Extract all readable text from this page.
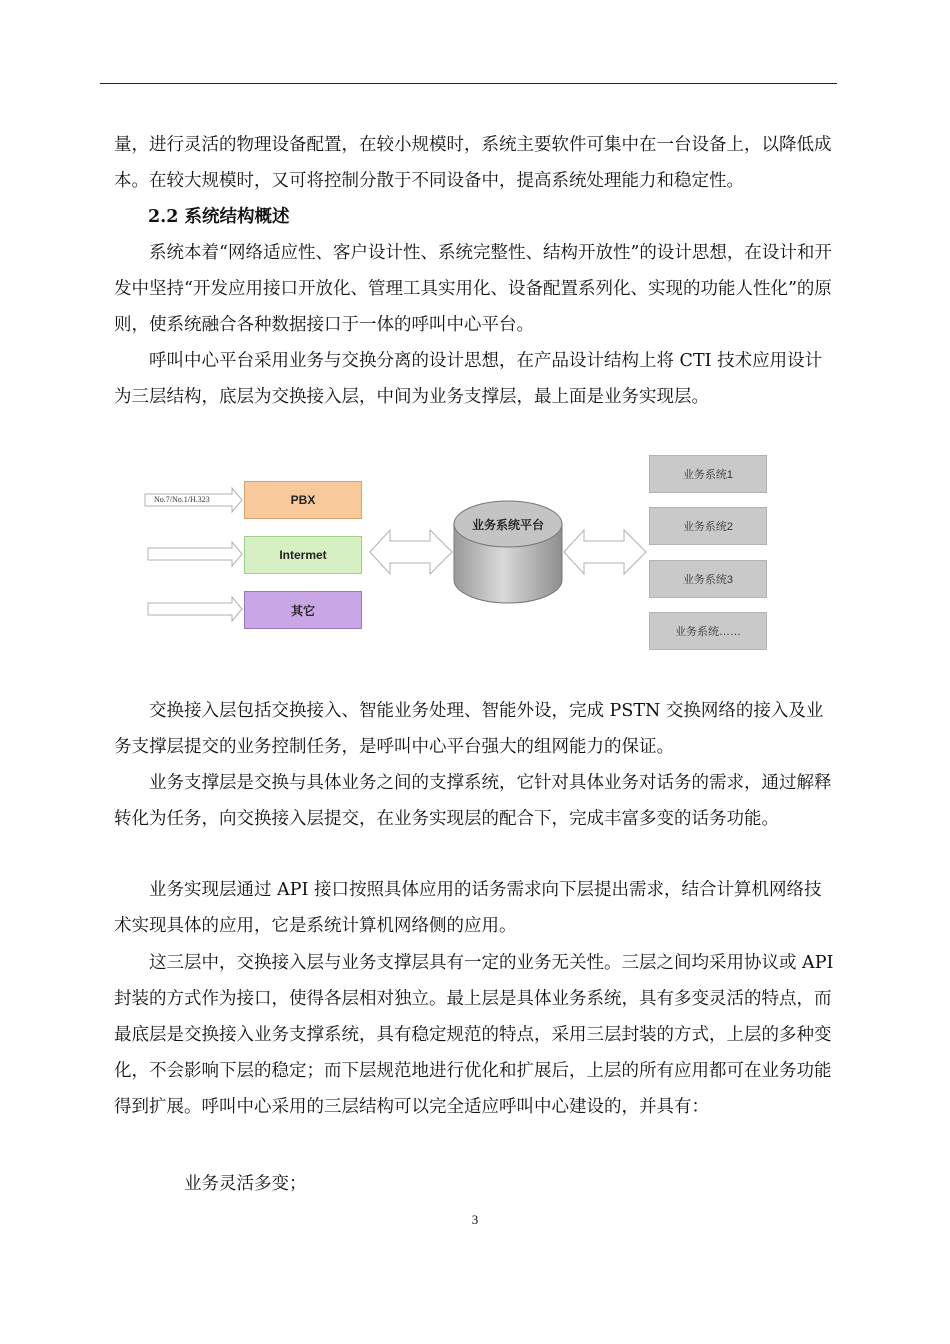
量，进行灵活的物理设备配置，在较小规模时，系统主要软件可集中在一台设备上，以降低成本。在较大规模时，又可将控制分散于不同设备中，提高系统处理能力和稳定性。

2.2 系统结构概述

系统本着“网络适应性、客户设计性、系统完整性、结构开放性”的设计思想，在设计和开发中坚持“开发应用接口开放化、管理工具实用化、设备配置系列化、实现的功能人性化”的原则，使系统融合各种数据接口于一体的呼叫中心平台。

呼叫中心平台采用业务与交换分离的设计思想，在产品设计结构上将 CTI 技术应用设计为三层结构，底层为交换接入层，中间为业务支撑层，最上面是业务实现层。

No.7/No.1/H.323	PBX
Intermet
其它
业务系统平台
业务系统1
业务系统2
业务系统3
业务系统……

交换接入层包括交换接入、智能业务处理、智能外设，完成 PSTN 交换网络的接入及业务支撑层提交的业务控制任务，是呼叫中心平台强大的组网能力的保证。

业务支撑层是交换与具体业务之间的支撑系统，它针对具体业务对话务的需求，通过解释转化为任务，向交换接入层提交，在业务实现层的配合下，完成丰富多变的话务功能。

业务实现层通过 API 接口按照具体应用的话务需求向下层提出需求，结合计算机网络技术实现具体的应用，它是系统计算机网络侧的应用。

这三层中，交换接入层与业务支撑层具有一定的业务无关性。三层之间均采用协议或 API 封装的方式作为接口，使得各层相对独立。最上层是具体业务系统，具有多变灵活的特点，而最底层是交换接入业务支撑系统，具有稳定规范的特点，采用三层封装的方式，上层的多种变化，不会影响下层的稳定；而下层规范地进行优化和扩展后，上层的所有应用都可在业务功能得到扩展。呼叫中心采用的三层结构可以完全适应呼叫中心建设的，并具有：

业务灵活多变；

3
